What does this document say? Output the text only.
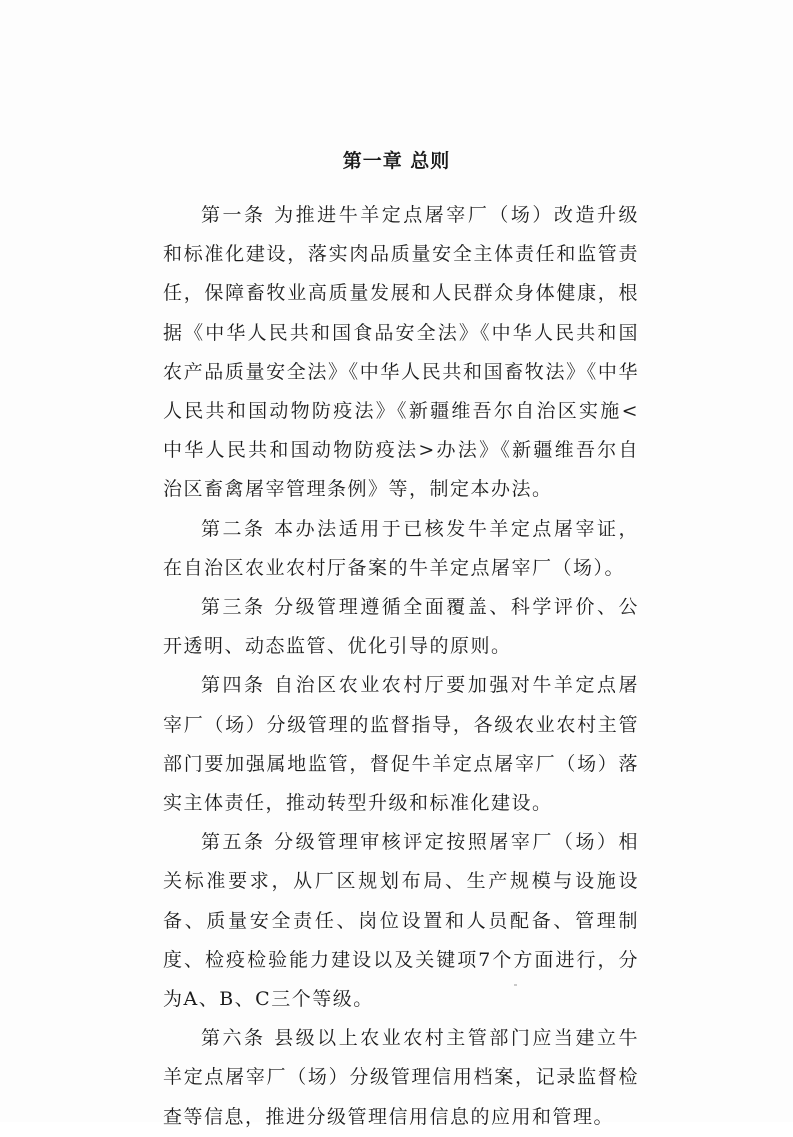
第一章 总则

第一条 为推进牛羊定点屠宰厂（场）改造升级和标准化建设，落实肉品质量安全主体责任和监管责任，保障畜牧业高质量发展和人民群众身体健康，根据《中华人民共和国食品安全法》《中华人民共和国农产品质量安全法》《中华人民共和国畜牧法》《中华人民共和国动物防疫法》《新疆维吾尔自治区实施<中华人民共和国动物防疫法>办法》《新疆维吾尔自治区畜禽屠宰管理条例》等，制定本办法。

第二条 本办法适用于已核发牛羊定点屠宰证，在自治区农业农村厅备案的牛羊定点屠宰厂（场）。

第三条 分级管理遵循全面覆盖、科学评价、公开透明、动态监管、优化引导的原则。

第四条 自治区农业农村厅要加强对牛羊定点屠宰厂（场）分级管理的监督指导，各级农业农村主管部门要加强属地监管，督促牛羊定点屠宰厂（场）落实主体责任，推动转型升级和标准化建设。

第五条 分级管理审核评定按照屠宰厂（场）相关标准要求，从厂区规划布局、生产规模与设施设备、质量安全责任、岗位设置和人员配备、管理制度、检疫检验能力建设以及关键项7个方面进行，分为A、B、C三个等级。

第六条 县级以上农业农村主管部门应当建立牛羊定点屠宰厂（场）分级管理信用档案，记录监督检查等信息，推进分级管理信用信息的应用和管理。
